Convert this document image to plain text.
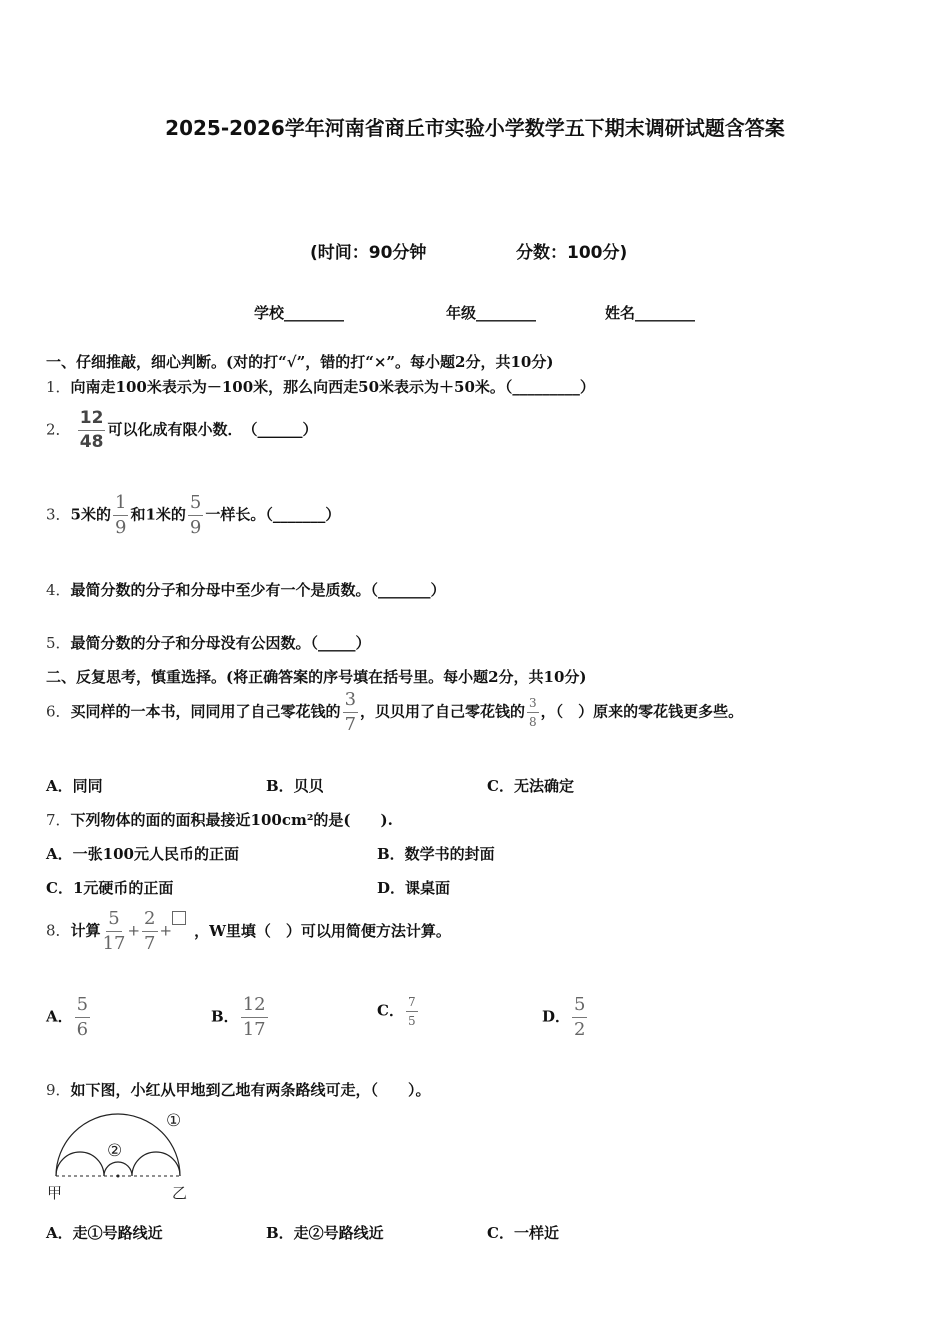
2025-2026学年河南省商丘市实验小学数学五下期末调研试题含答案
(时间：90分钟	分数：100分)
学校________	年级________	姓名________
一、仔细推敲，细心判断。(对的打“√”，错的打“×”。每小题2分，共10分)
1．向南走100米表示为－100米，那么向西走50米表示为＋50米。（_________）
2． $\frac{12}{48}$ 可以化成有限小数．　（______）
3．5米的 $\frac{1}{9}$ 和1米的 $\frac{5}{9}$ 一样长。（_______）
4．最简分数的分子和分母中至少有一个是质数。（_______）
5．最简分数的分子和分母没有公因数。（_____）
二、反复思考，慎重选择。(将正确答案的序号填在括号里。每小题2分，共10分)
6．买同样的一本书，同同用了自己零花钱的 $\frac{3}{7}$ ，贝贝用了自己零花钱的 $\frac{3}{8}$ ，（　）原来的零花钱更多些。
A．同同	B．贝贝	C．无法确定
7．下列物体的面的面积最接近100cm²的是(　　).
A．一张100元人民币的正面	B．数学书的封面
C．1元硬币的正面	D．课桌面
8．计算 $\frac{5}{17} + \frac{2}{7}$ + ，W里填（　）可以用简便方法计算。
A． $\frac{5}{6}$	B． $\frac{12}{17}$	C． $\frac{7}{5}$	D． $\frac{5}{2}$
9．如下图，小红从甲地到乙地有两条路线可走，（　　）。
①
②
甲	乙
A．走①号路线近	B．走②号路线近	C．一样近
